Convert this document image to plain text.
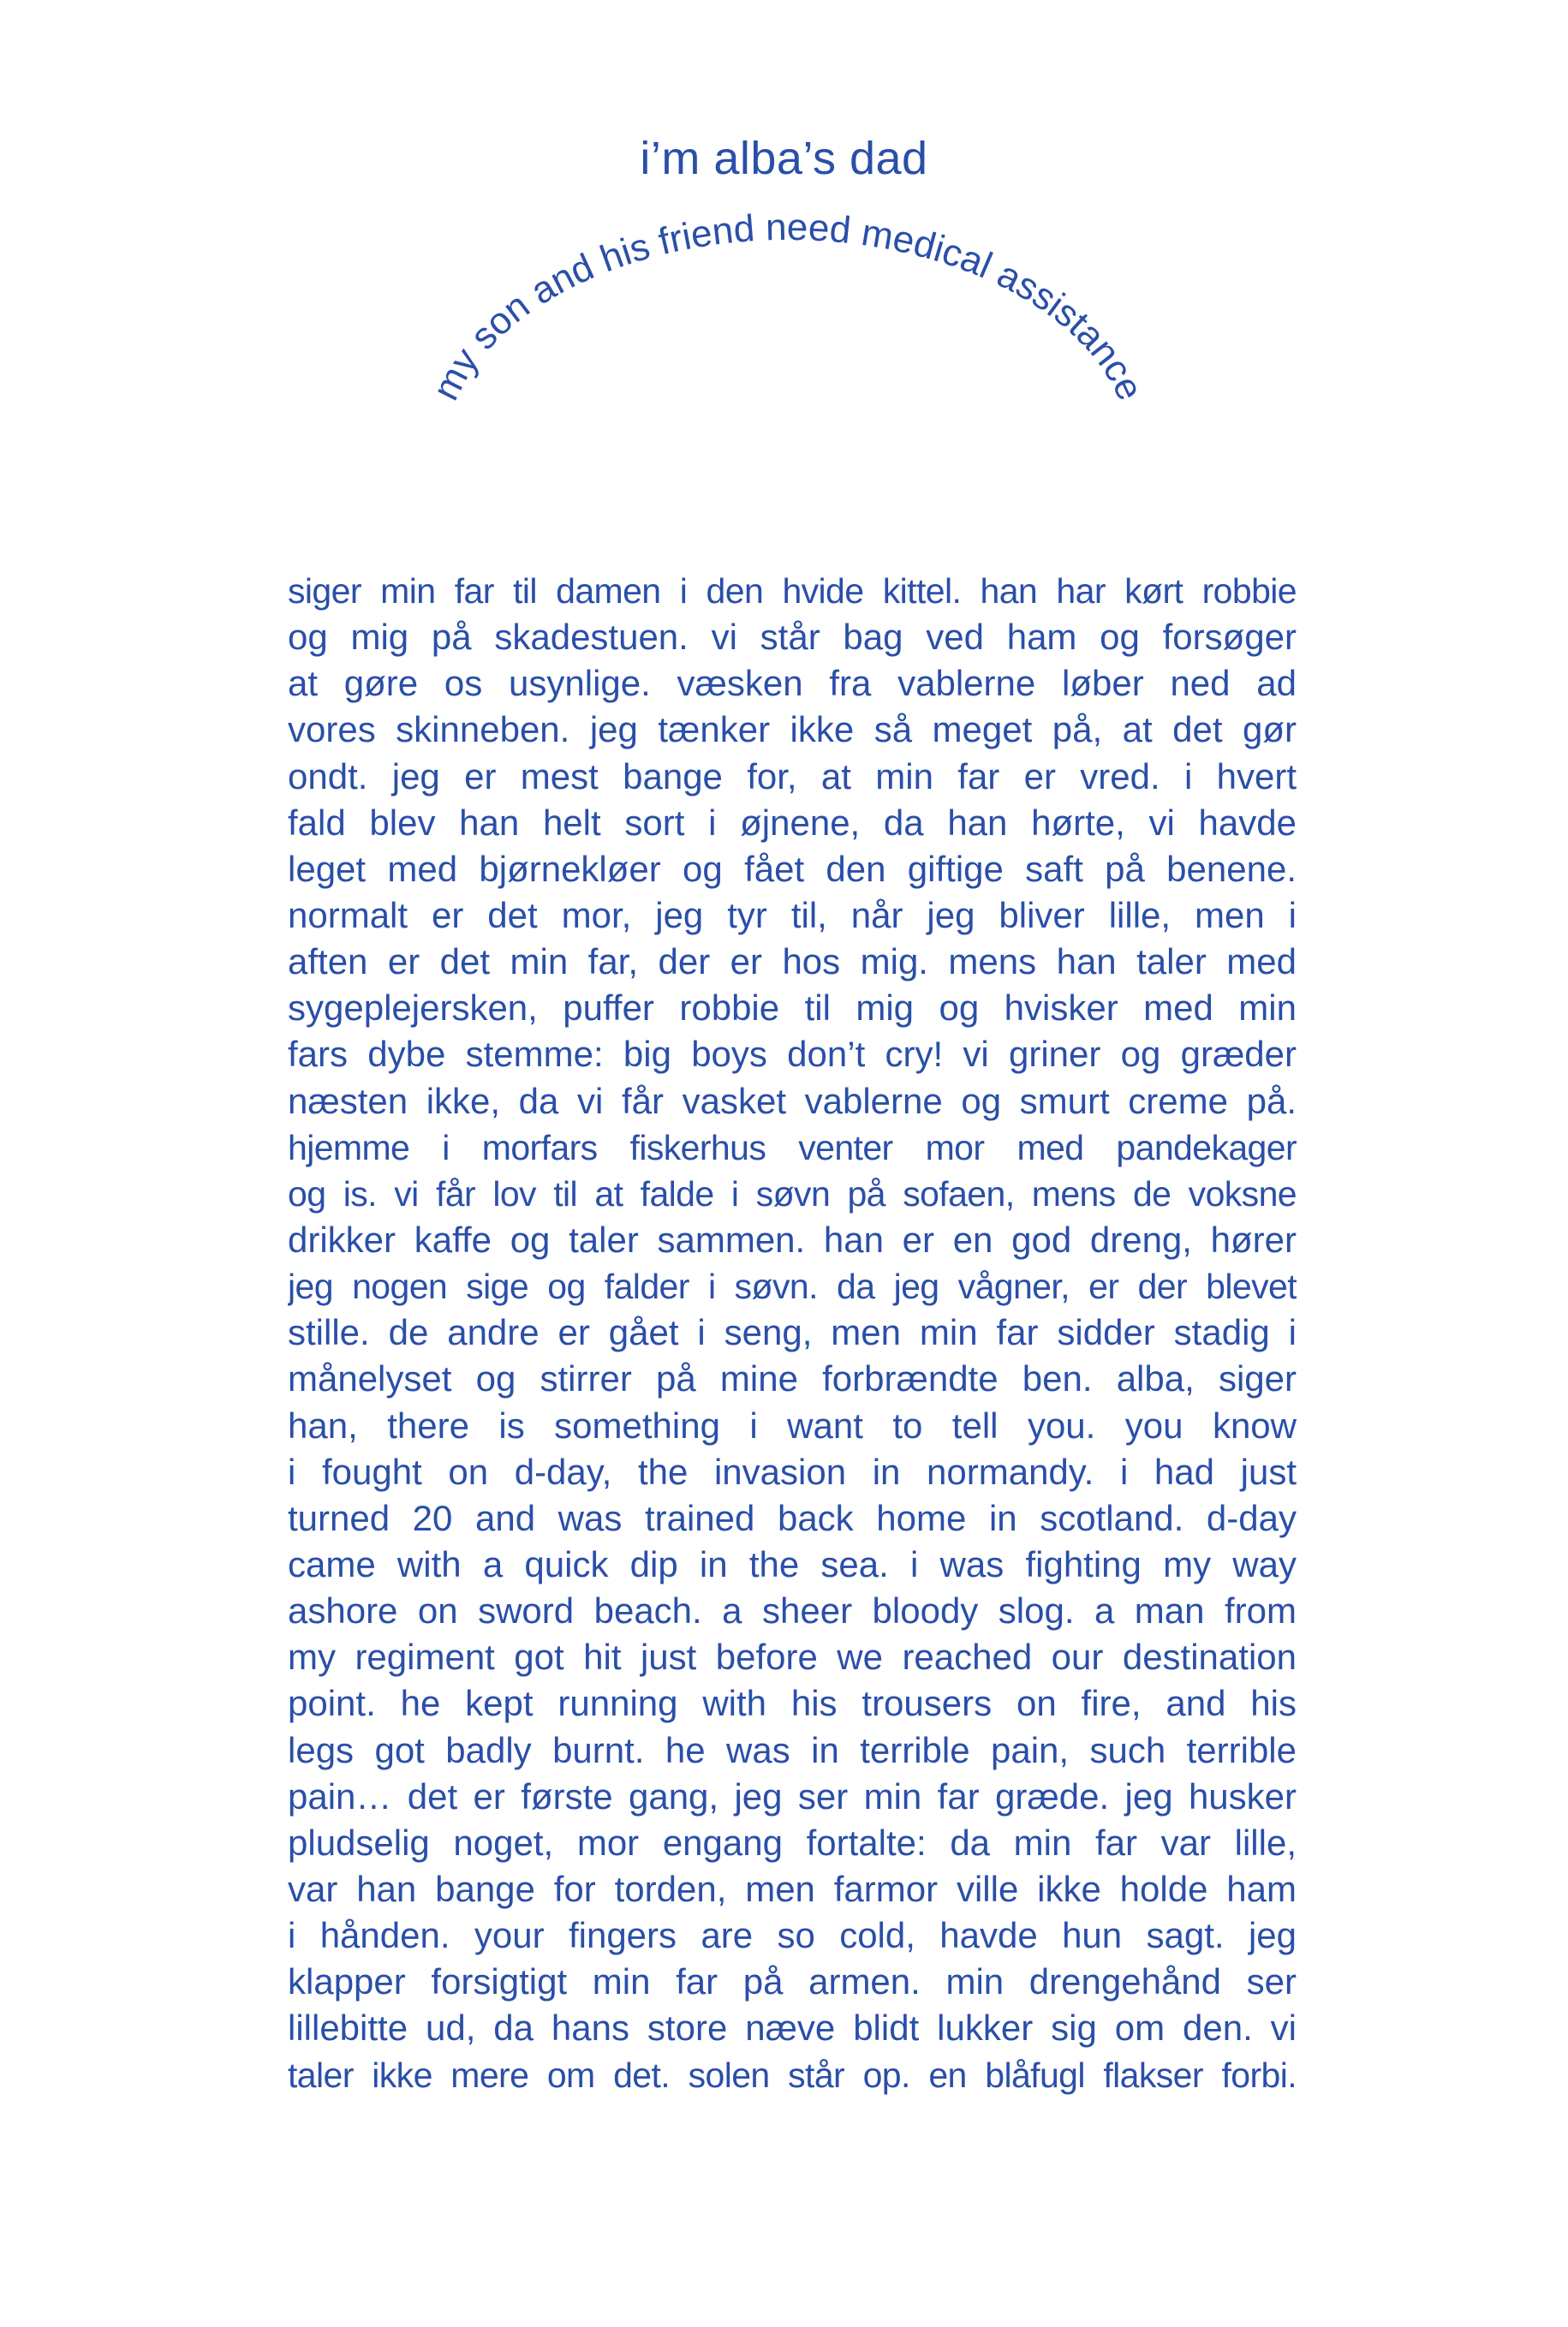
i’m alba’s dad
my son and his friend need medical assistance
siger min far til damen i den hvide kittel. han har kørt robbie
og mig på skadestuen. vi står bag ved ham og forsøger
at gøre os usynlige. væsken fra vablerne løber ned ad
vores skinneben. jeg tænker ikke så meget på, at det gør
ondt. jeg er mest bange for, at min far er vred. i hvert
fald blev han helt sort i øjnene, da han hørte, vi havde
leget med bjørnekløer og fået den giftige saft på benene.
normalt er det mor, jeg tyr til, når jeg bliver lille, men i
aften er det min far, der er hos mig. mens han taler med
sygeplejersken, puffer robbie til mig og hvisker med min
fars dybe stemme: big boys don’t cry! vi griner og græder
næsten ikke, da vi får vasket vablerne og smurt creme på.
hjemme i morfars fiskerhus venter mor med pandekager
og is. vi får lov til at falde i søvn på sofaen, mens de voksne
drikker kaffe og taler sammen. han er en god dreng, hører
jeg nogen sige og falder i søvn. da jeg vågner, er der blevet
stille. de andre er gået i seng, men min far sidder stadig i
månelyset og stirrer på mine forbrændte ben. alba, siger
han, there is something i want to tell you. you know
i fought on d-day, the invasion in normandy. i had just
turned 20 and was trained back home in scotland. d-day
came with a quick dip in the sea. i was fighting my way
ashore on sword beach. a sheer bloody slog. a man from
my regiment got hit just before we reached our destination
point. he kept running with his trousers on fire, and his
legs got badly burnt. he was in terrible pain, such terrible
pain… det er første gang, jeg ser min far græde. jeg husker
pludselig noget, mor engang fortalte: da min far var lille,
var han bange for torden, men farmor ville ikke holde ham
i hånden. your fingers are so cold, havde hun sagt. jeg
klapper forsigtigt min far på armen. min drengehånd ser
lillebitte ud, da hans store næve blidt lukker sig om den. vi
taler ikke mere om det. solen står op. en blåfugl flakser forbi.
